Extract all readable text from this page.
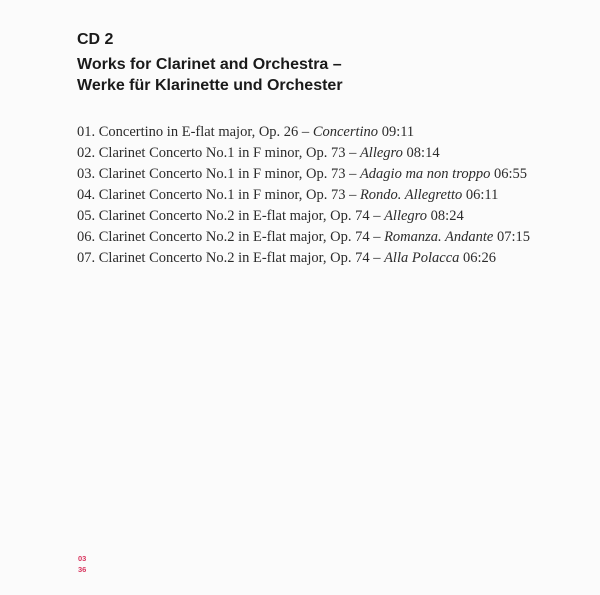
CD 2
Works for Clarinet and Orchestra –
Werke für Klarinette und Orchester
01. Concertino in E-flat major, Op. 26 – Concertino 09:11
02. Clarinet Concerto No.1 in F minor, Op. 73 – Allegro 08:14
03. Clarinet Concerto No.1 in F minor, Op. 73 – Adagio ma non troppo 06:55
04. Clarinet Concerto No.1 in F minor, Op. 73 – Rondo. Allegretto 06:11
05. Clarinet Concerto No.2 in E-flat major, Op. 74 – Allegro 08:24
06. Clarinet Concerto No.2 in E-flat major, Op. 74 – Romanza. Andante 07:15
07. Clarinet Concerto No.2 in E-flat major, Op. 74 – Alla Polacca 06:26
03
36
